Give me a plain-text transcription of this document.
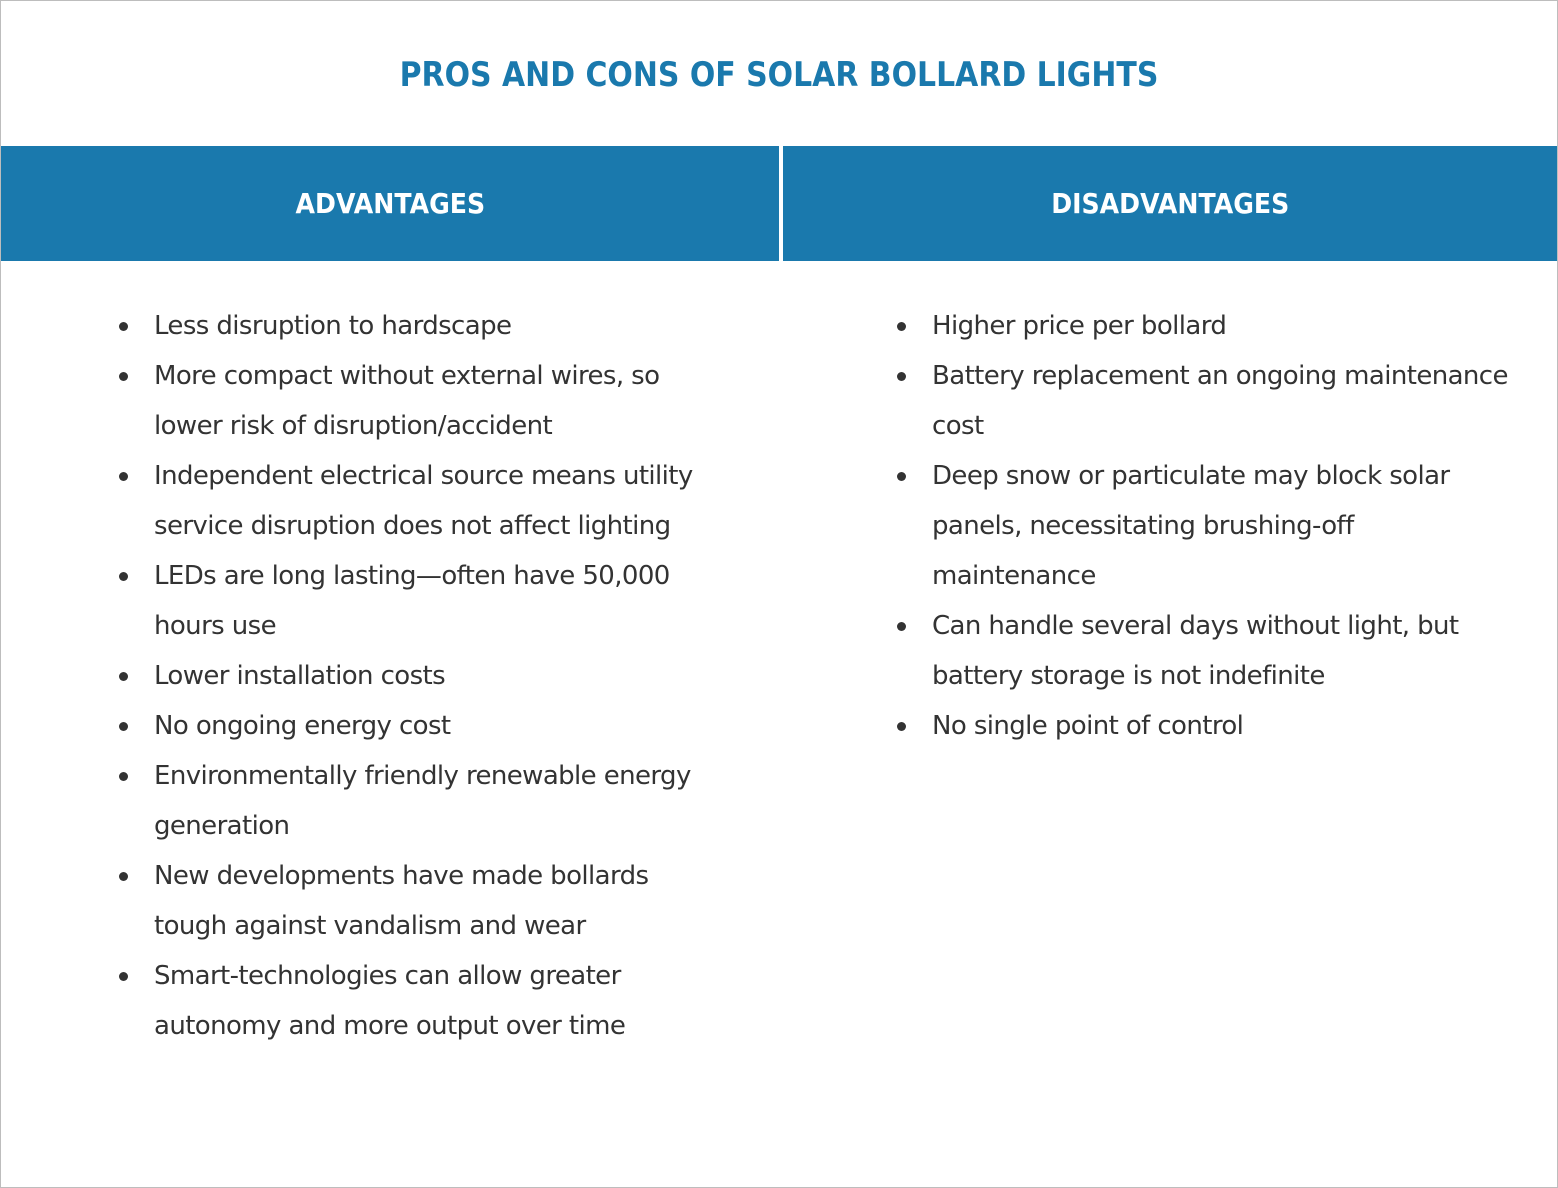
PROS AND CONS OF SOLAR BOLLARD LIGHTS
ADVANTAGES	DISADVANTAGES
Less disruption to hardscape
More compact without external wires, so lower risk of disruption/accident
Independent electrical source means utility service disruption does not affect lighting
LEDs are long lasting—often have 50,000 hours use
Lower installation costs
No ongoing energy cost
Environmentally friendly renewable energy generation
New developments have made bollards tough against vandalism and wear
Smart-technologies can allow greater autonomy and more output over time
Higher price per bollard
Battery replacement an ongoing maintenance cost
Deep snow or particulate may block solar panels, necessitating brushing-off maintenance
Can handle several days without light, but battery storage is not indefinite
No single point of control
